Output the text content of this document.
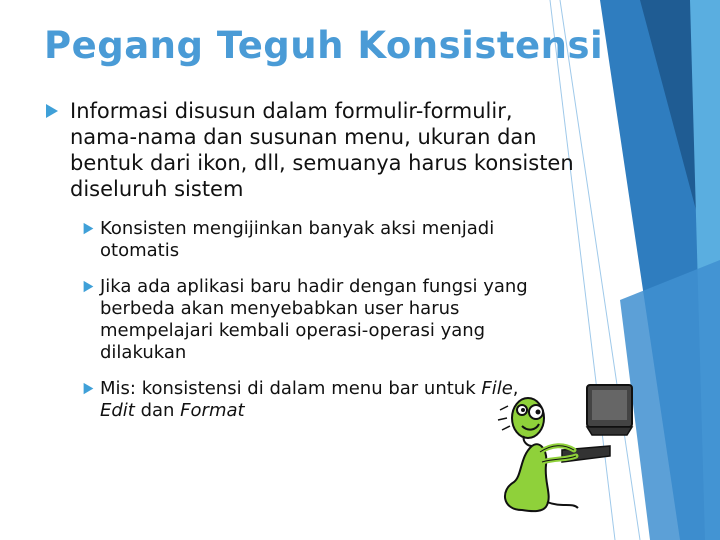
Pegang Teguh Konsistensi
Informasi disusun dalam formulir-formulir, nama-nama dan susunan menu, ukuran dan bentuk dari ikon, dll, semuanya harus konsisten diseluruh sistem
Konsisten mengijinkan banyak aksi menjadi otomatis
Jika ada aplikasi baru hadir dengan fungsi yang berbeda akan menyebabkan user harus mempelajari kembali operasi-operasi yang dilakukan
Mis: konsistensi di dalam menu bar untuk File,
Edit dan Format
